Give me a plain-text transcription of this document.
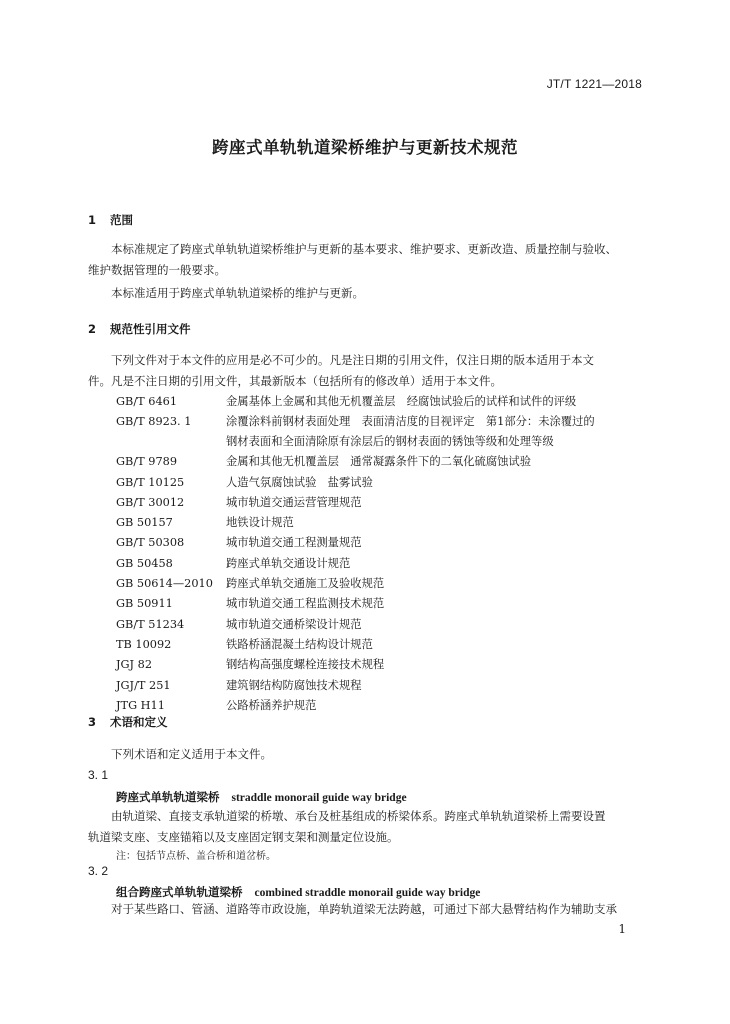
JT/T 1221—2018
跨座式单轨轨道梁桥维护与更新技术规范
1 范围
本标准规定了跨座式单轨轨道梁桥维护与更新的基本要求、维护要求、更新改造、质量控制与验收、
维护数据管理的一般要求。
本标准适用于跨座式单轨轨道梁桥的维护与更新。
2 规范性引用文件
下列文件对于本文件的应用是必不可少的。凡是注日期的引用文件，仅注日期的版本适用于本文
件。凡是不注日期的引用文件，其最新版本（包括所有的修改单）适用于本文件。
GB/T 6461	金属基体上金属和其他无机覆盖层　经腐蚀试验后的试样和试件的评级
GB/T 8923. 1	涂覆涂料前钢材表面处理　表面清洁度的目视评定　第1部分：未涂覆过的
钢材表面和全面清除原有涂层后的钢材表面的锈蚀等级和处理等级
GB/T 9789	金属和其他无机覆盖层　通常凝露条件下的二氧化硫腐蚀试验
GB/T 10125	人造气氛腐蚀试验　盐雾试验
GB/T 30012	城市轨道交通运营管理规范
GB 50157	地铁设计规范
GB/T 50308	城市轨道交通工程测量规范
GB 50458	跨座式单轨交通设计规范
GB 50614—2010 跨座式单轨交通施工及验收规范
GB 50911	城市轨道交通工程监测技术规范
GB/T 51234	城市轨道交通桥梁设计规范
TB 10092	铁路桥涵混凝土结构设计规范
JGJ 82	钢结构高强度螺栓连接技术规程
JGJ/T 251	建筑钢结构防腐蚀技术规程
JTG H11	公路桥涵养护规范
3 术语和定义
下列术语和定义适用于本文件。
3. 1
跨座式单轨轨道梁桥 straddle monorail guide way bridge
由轨道梁、直接支承轨道梁的桥墩、承台及桩基组成的桥梁体系。跨座式单轨轨道梁桥上需要设置
轨道梁支座、支座锚箱以及支座固定钢支架和测量定位设施。
注：包括节点桥、盖合桥和道岔桥。
3. 2
组合跨座式单轨轨道梁桥 combined straddle monorail guide way bridge
对于某些路口、管涵、道路等市政设施，单跨轨道梁无法跨越，可通过下部大悬臂结构作为辅助支承
1
